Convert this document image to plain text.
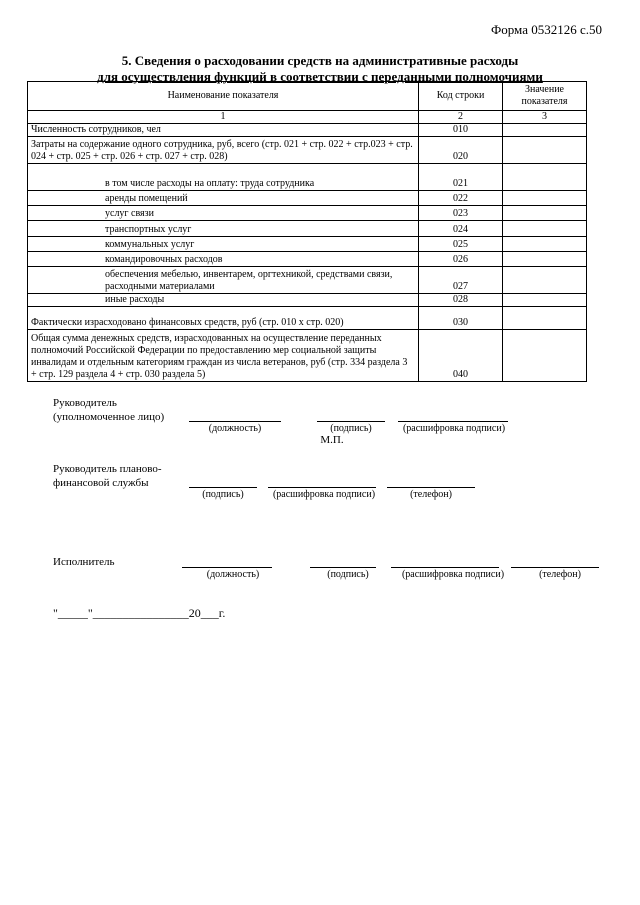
Форма 0532126 с.50
5. Сведения о расходовании средств на административные расходы
для осуществления функций в соответствии с переданными полномочиями
Наименование показателя	Код строки	Значение показателя
1	2	3
Численность сотрудников, чел	010	
Затраты на содержание одного сотрудника, руб, всего (стр. 021 + стр. 022 + стр.023 + стр. 024 + стр. 025 + стр. 026 + стр. 027 + стр. 028)	020	
в том числе расходы на оплату: труда сотрудника	021	
аренды помещений	022	
услуг связи	023	
транспортных услуг	024	
коммунальных услуг	025	
командировочных расходов	026	
обеспечения мебелью, инвентарем, оргтехникой, средствами связи, расходными материалами	027	
иные расходы	028	
Фактически израсходовано финансовых средств, руб (стр. 010 x стр. 020)	030	
Общая сумма денежных средств, израсходованных на осуществление переданных полномочий Российской Федерации по предоставлению мер социальной защиты инвалидам и отдельным категориям граждан из числа ветеранов, руб (стр. 334 раздела 3 + стр. 129 раздела 4 + стр. 030 раздела 5)	040	
Руководитель
(уполномоченное лицо)
(должность)	(подпись)	(расшифровка подписи)
М.П.
Руководитель планово-
финансовой службы
(подпись)	(расшифровка подписи)	(телефон)
Исполнитель
(должность)	(подпись)	(расшифровка подписи)	(телефон)
"_____"________________20___г.
